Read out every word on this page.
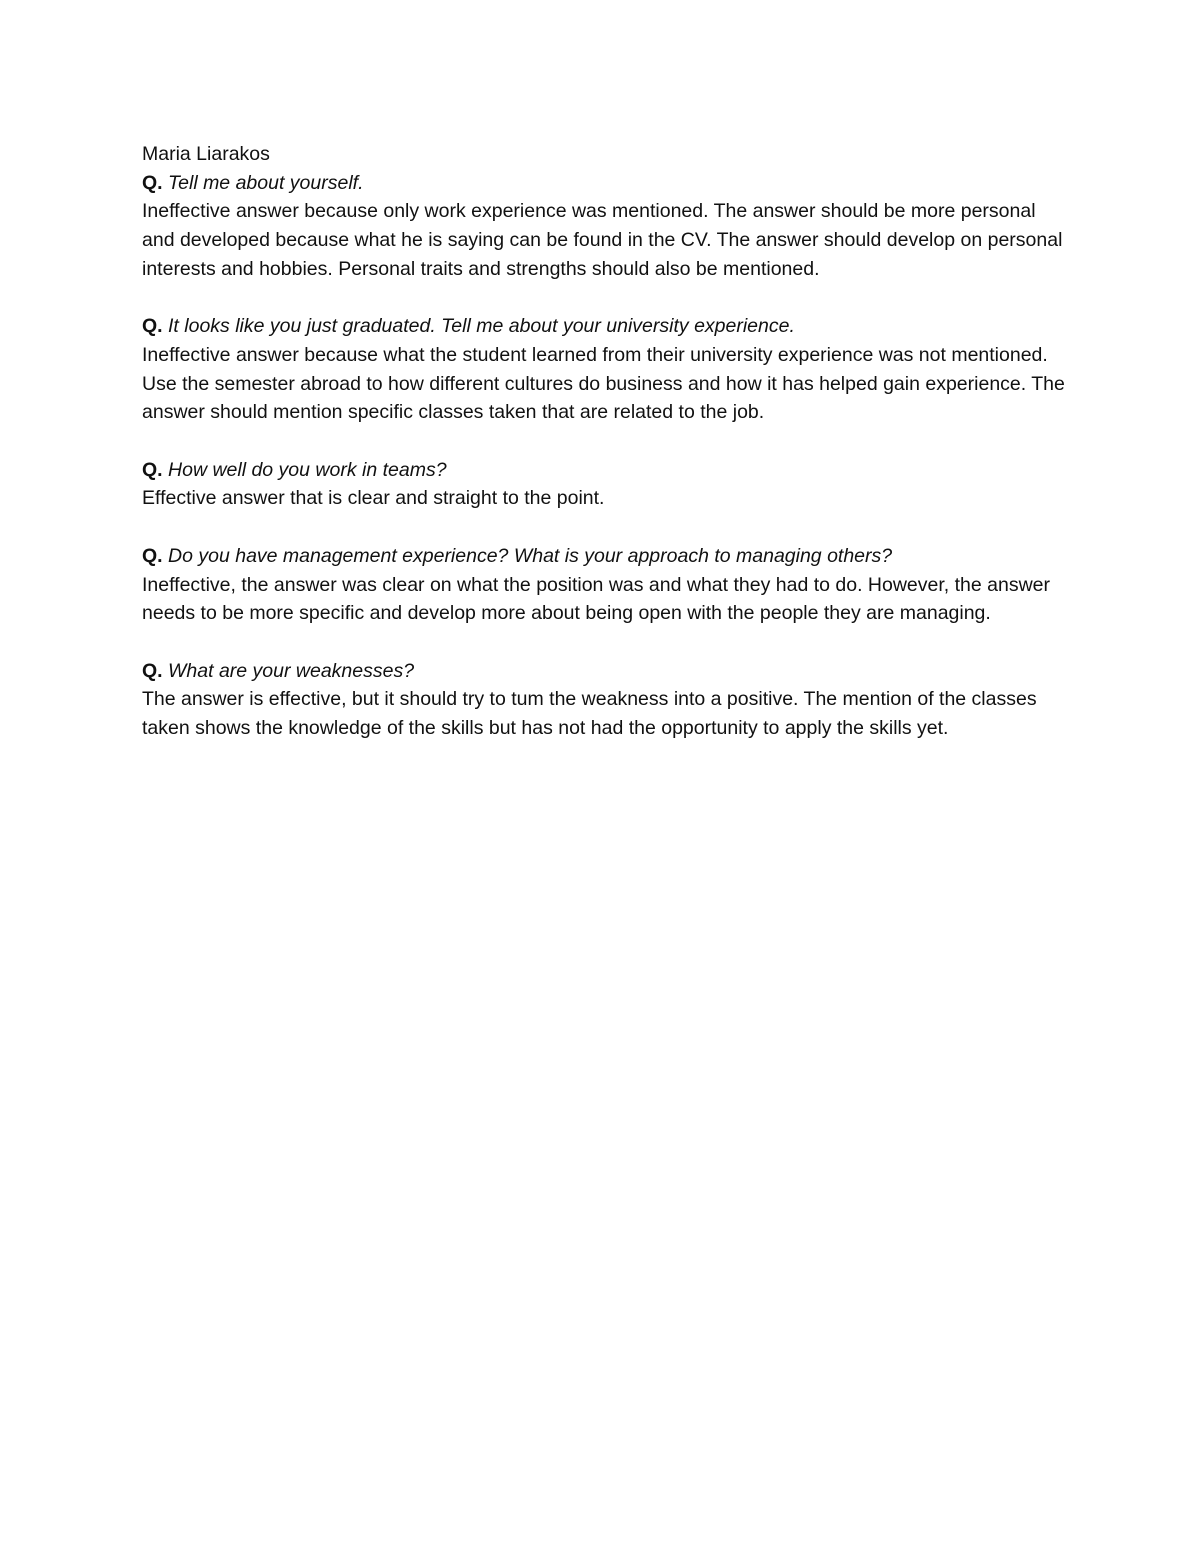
Maria Liarakos

Q. Tell me about yourself.

Ineffective answer because only work experience was mentioned. The answer should be more personal and developed because what he is saying can be found in the CV. The answer should develop on personal interests and hobbies. Personal traits and strengths should also be mentioned.

Q. It looks like you just graduated. Tell me about your university experience.

Ineffective answer because what the student learned from their university experience was not mentioned. Use the semester abroad to how different cultures do business and how it has helped gain experience. The answer should mention specific classes taken that are related to the job.

Q. How well do you work in teams?

Effective answer that is clear and straight to the point.

Q. Do you have management experience? What is your approach to managing others?

Ineffective, the answer was clear on what the position was and what they had to do. However, the answer needs to be more specific and develop more about being open with the people they are managing.

Q. What are your weaknesses?

The answer is effective, but it should try to tum the weakness into a positive. The mention of the classes taken shows the knowledge of the skills but has not had the opportunity to apply the skills yet.
